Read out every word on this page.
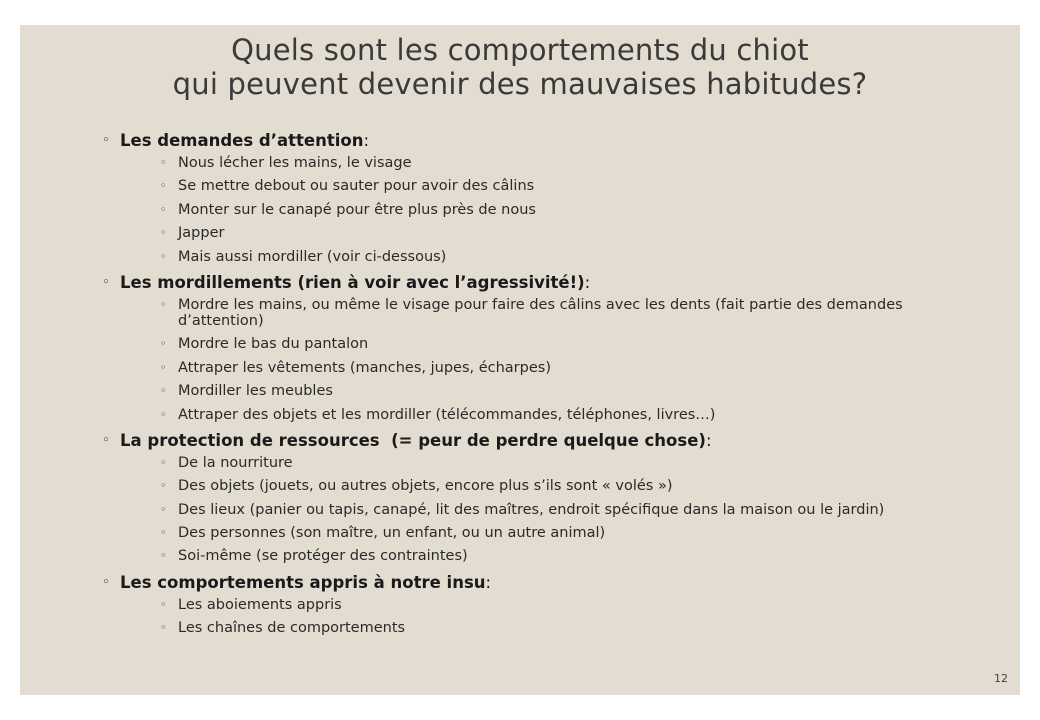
Quels sont les comportements du chiot
qui peuvent devenir des mauvaises habitudes?
◦ Les demandes d’attention:
◦ Nous lécher les mains, le visage
◦ Se mettre debout ou sauter pour avoir des câlins
◦ Monter sur le canapé pour être plus près de nous
◦ Japper
◦ Mais aussi mordiller (voir ci-dessous)
◦ Les mordillements (rien à voir avec l’agressivité!):
◦ Mordre les mains, ou même le visage pour faire des câlins avec les dents (fait partie des demandes d’attention)
◦ Mordre le bas du pantalon
◦ Attraper les vêtements (manches, jupes, écharpes)
◦ Mordiller les meubles
◦ Attraper des objets et les mordiller (télécommandes, téléphones, livres…)
◦ La protection de ressources  (= peur de perdre quelque chose):
◦ De la nourriture
◦ Des objets (jouets, ou autres objets, encore plus s’ils sont « volés »)
◦ Des lieux (panier ou tapis, canapé, lit des maîtres, endroit spécifique dans la maison ou le jardin)
◦ Des personnes (son maître, un enfant, ou un autre animal)
◦ Soi-même (se protéger des contraintes)
◦ Les comportements appris à notre insu:
◦ Les aboiements appris
◦ Les chaînes de comportements
12
